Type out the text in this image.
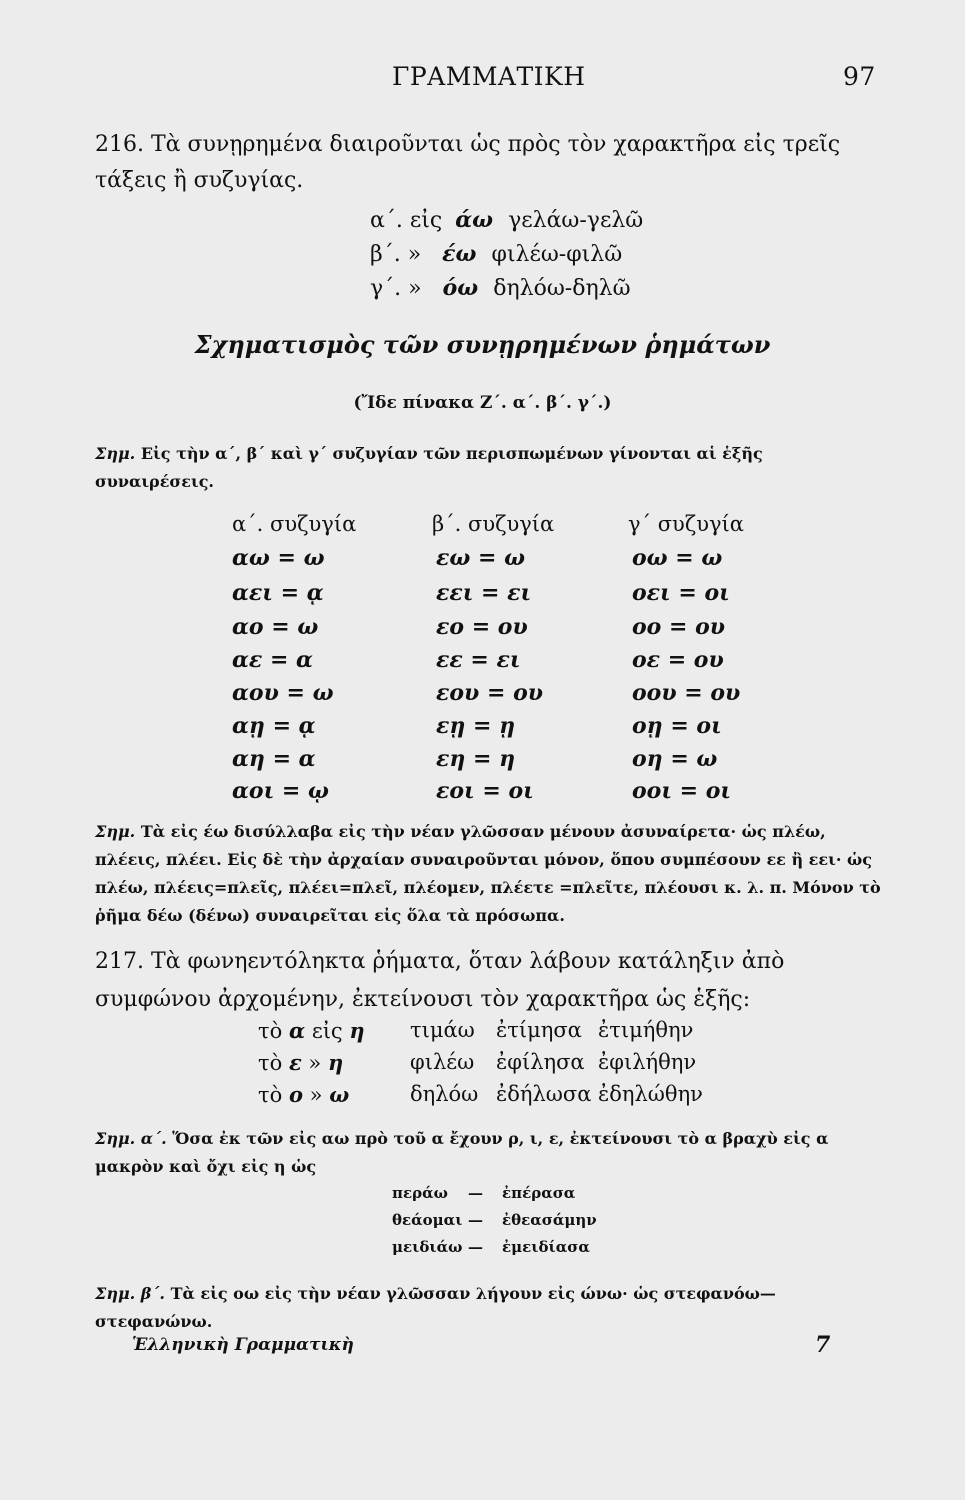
ΓΡΑΜΜΑΤΙΚΗ	97
216. Τὰ συνῃρημένα διαιροῦνται ὡς πρὸς τὸν χαρακτῆρα εἰς τρεῖς τάξεις ἢ συζυγίας.
α΄. εἰς άω γελάω-γελῶ
β΄. » έω φιλέω-φιλῶ
γ΄. » όω δηλόω-δηλῶ
Σχηματισμὸς τῶν συνῃρημένων ῥημάτων
(Ἴδε πίνακα Ζ΄. α΄. β΄. γ΄.)
Σημ. Εἰς τὴν α΄, β΄ καὶ γ΄ συζυγίαν τῶν περισπωμένων γίνονται αἱ ἑξῆς συναιρέσεις.
α΄. συζυγία	β΄. συζυγία	γ΄ συζυγία
αω = ω	εω = ω	οω = ω
αει = ᾳ	εει = ει	οει = οι
αο = ω	εο = ου	οο = ου
αε = α	εε = ει	οε = ου
αου = ω	εου = ου	οου = ου
αῃ = ᾳ	εῃ = ῃ	οῃ = οι
αη = α	εη = η	οη = ω
αοι = ῳ	εοι = οι	οοι = οι
Σημ. Τὰ εἰς έω δισύλλαβα εἰς τὴν νέαν γλῶσσαν μένουν ἀσυναίρετα· ὡς πλέω, πλέεις, πλέει. Εἰς δὲ τὴν ἀρχαίαν συναιροῦνται μόνον, ὅπου συμπέσουν εε ἢ εει· ὡς πλέω, πλέεις=πλεῖς, πλέει=πλεῖ, πλέομεν, πλέετε =πλεῖτε, πλέουσι κ. λ. π. Μόνον τὸ ῥῆμα δέω (δένω) συναιρεῖται εἰς ὅλα τὰ πρόσωπα.
217. Τὰ φωνηεντόληκτα ῥήματα, ὅταν λάβουν κατάληξιν ἀπὸ συμφώνου ἀρχομένην, ἐκτείνουσι τὸν χαρακτῆρα ὡς ἑξῆς:
τὸ α εἰς η τιμάω ἐτίμησα ἐτιμήθην
τὸ ε » η	φιλέω ἐφίλησα ἐφιλήθην
τὸ ο » ω	δηλόω ἐδήλωσα ἐδηλώθην
Σημ. α΄. Ὅσα ἐκ τῶν εἰς αω πρὸ τοῦ α ἔχουν ρ, ι, ε, ἐκτείνουσι τὸ α βραχὺ εἰς α μακρὸν καὶ ὄχι εἰς η ὡς
περάω — ἐπέρασα
θεάομαι — ἐθεασάμην
μειδιάω — ἐμειδίασα
Σημ. β΄. Τὰ εἰς οω εἰς τὴν νέαν γλῶσσαν λήγουν εἰς ώνω· ὡς στεφανόω—στεφανώνω.
Ἑλληνικὴ Γραμματικὴ	7
